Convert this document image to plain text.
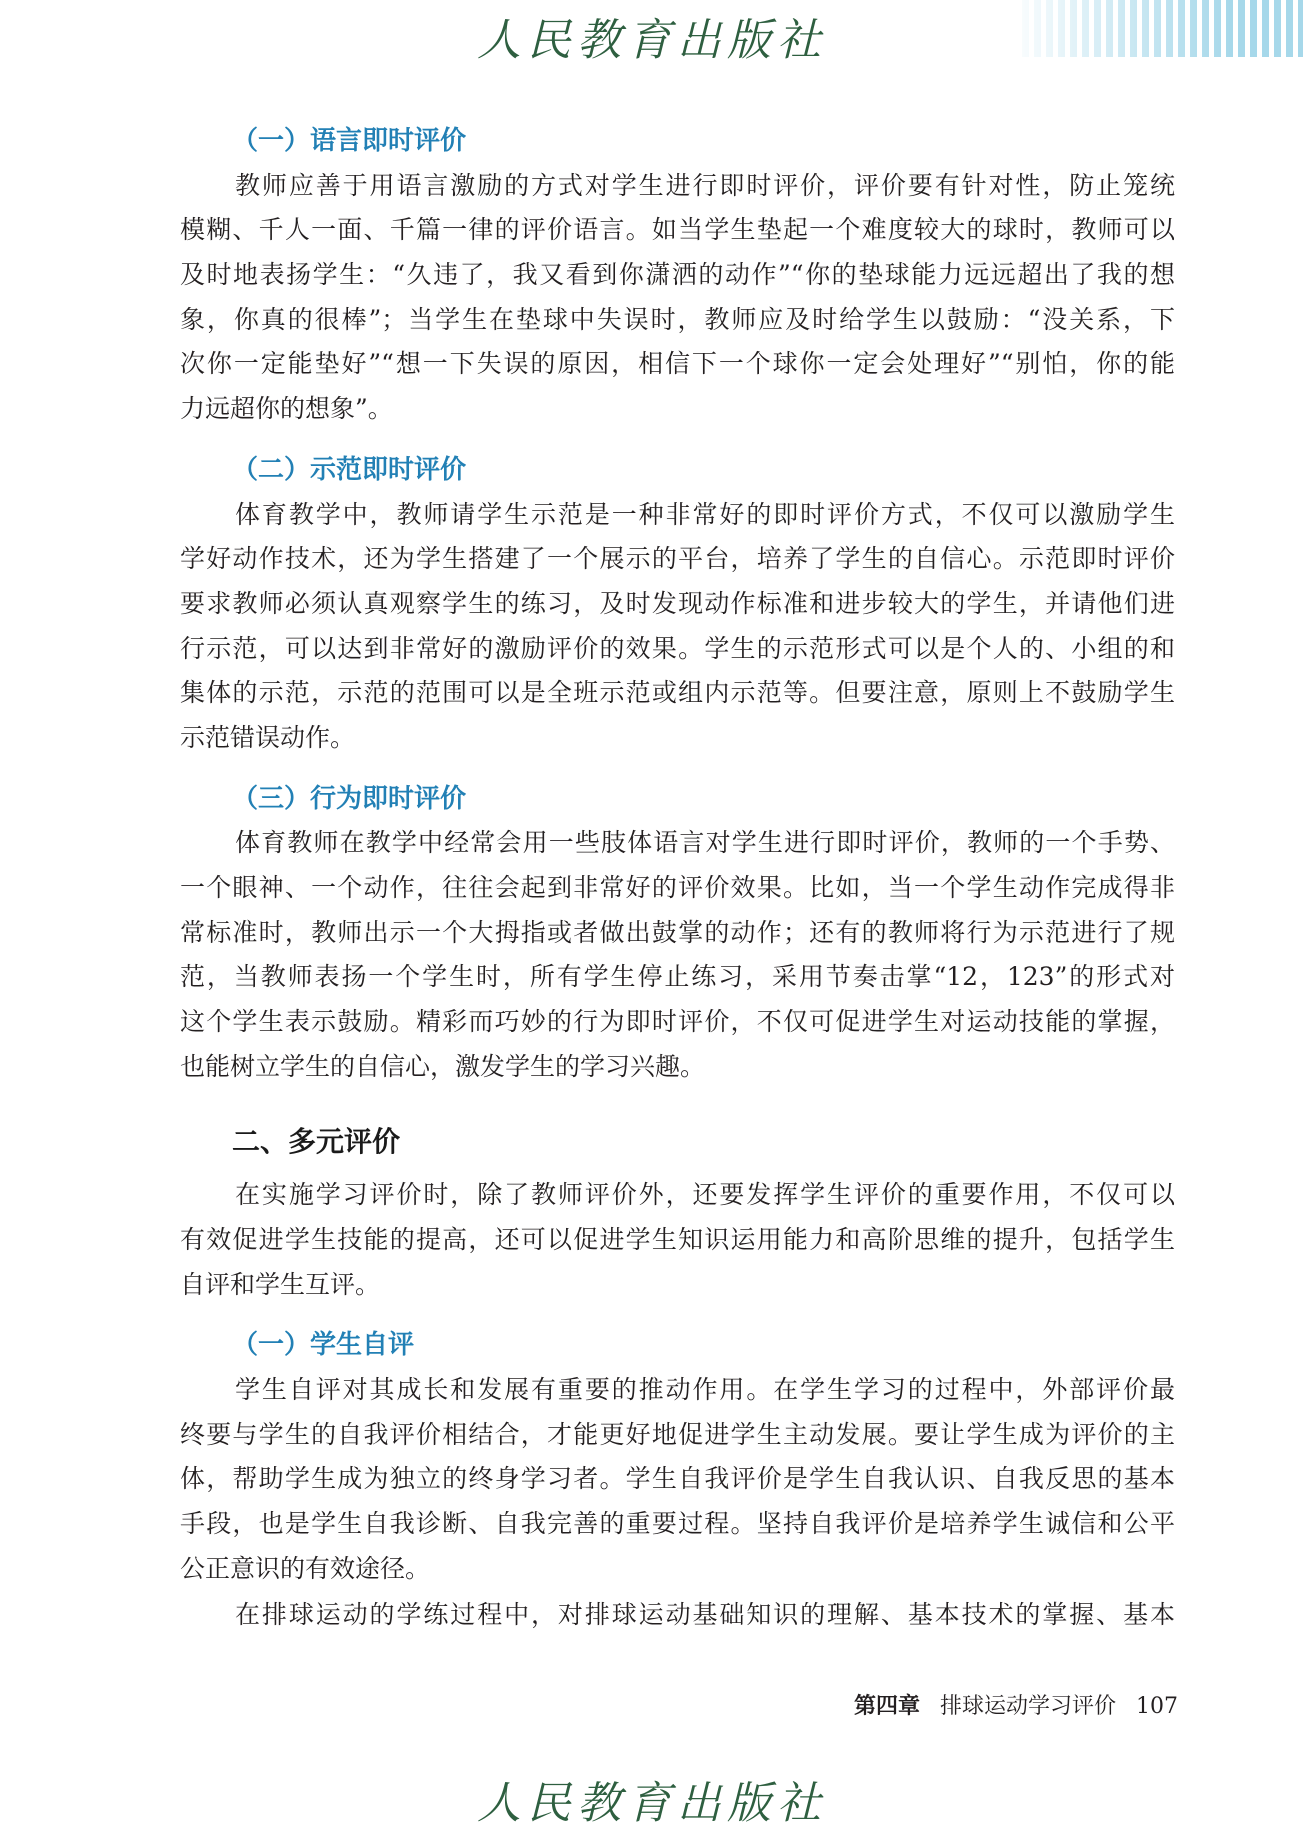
人民教育出版社
（一）语言即时评价
教师应善于用语言激励的方式对学生进行即时评价，评价要有针对性，防止笼统
模糊、千人一面、千篇一律的评价语言。如当学生垫起一个难度较大的球时，教师可以
及时地表扬学生：“久违了，我又看到你潇洒的动作”“你的垫球能力远远超出了我的想
象，你真的很棒”；当学生在垫球中失误时，教师应及时给学生以鼓励：“没关系，下
次你一定能垫好”“想一下失误的原因，相信下一个球你一定会处理好”“别怕，你的能
力远超你的想象”。
（二）示范即时评价
体育教学中，教师请学生示范是一种非常好的即时评价方式，不仅可以激励学生
学好动作技术，还为学生搭建了一个展示的平台，培养了学生的自信心。示范即时评价
要求教师必须认真观察学生的练习，及时发现动作标准和进步较大的学生，并请他们进
行示范，可以达到非常好的激励评价的效果。学生的示范形式可以是个人的、小组的和
集体的示范，示范的范围可以是全班示范或组内示范等。但要注意，原则上不鼓励学生
示范错误动作。
（三）行为即时评价
体育教师在教学中经常会用一些肢体语言对学生进行即时评价，教师的一个手势、
一个眼神、一个动作，往往会起到非常好的评价效果。比如，当一个学生动作完成得非
常标准时，教师出示一个大拇指或者做出鼓掌的动作；还有的教师将行为示范进行了规
范，当教师表扬一个学生时，所有学生停止练习，采用节奏击掌“12，123”的形式对
这个学生表示鼓励。精彩而巧妙的行为即时评价，不仅可促进学生对运动技能的掌握，
也能树立学生的自信心，激发学生的学习兴趣。
二、多元评价
在实施学习评价时，除了教师评价外，还要发挥学生评价的重要作用，不仅可以
有效促进学生技能的提高，还可以促进学生知识运用能力和高阶思维的提升，包括学生
自评和学生互评。
（一）学生自评
学生自评对其成长和发展有重要的推动作用。在学生学习的过程中，外部评价最
终要与学生的自我评价相结合，才能更好地促进学生主动发展。要让学生成为评价的主
体，帮助学生成为独立的终身学习者。学生自我评价是学生自我认识、自我反思的基本
手段，也是学生自我诊断、自我完善的重要过程。坚持自我评价是培养学生诚信和公平
公正意识的有效途径。
在排球运动的学练过程中，对排球运动基础知识的理解、基本技术的掌握、基本
第四章 排球运动学习评价 107
人民教育出版社
